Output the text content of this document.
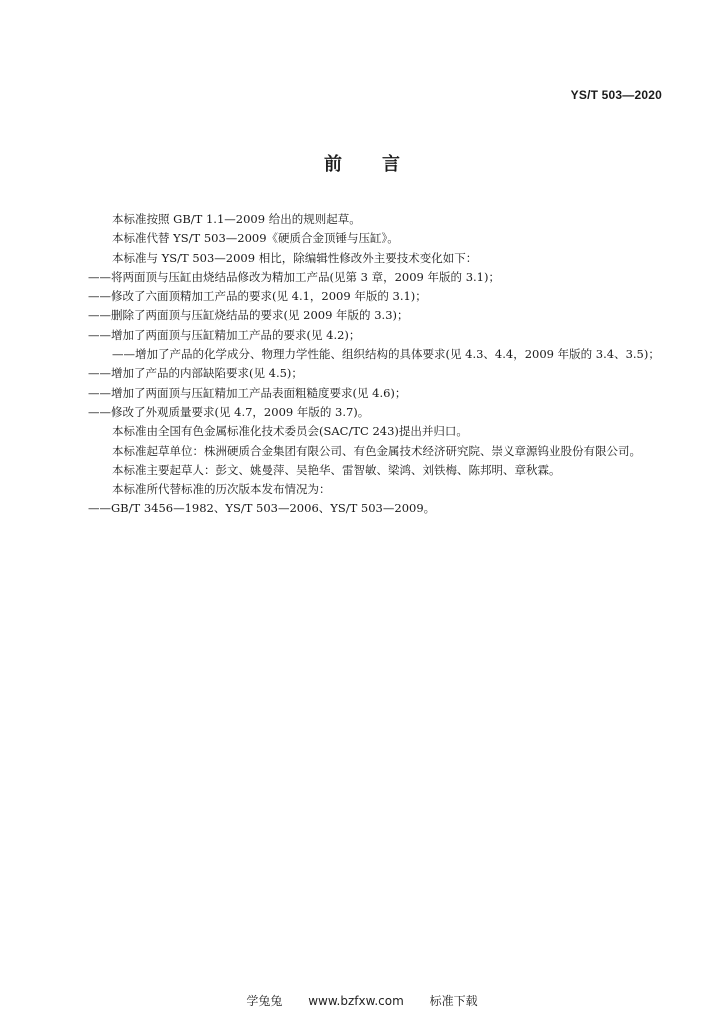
YS/T 503—2020
前言

本标准按照 GB/T 1.1—2009 给出的规则起草。

本标准代替 YS/T 503—2009《硬质合金顶锤与压缸》。

本标准与 YS/T 503—2009 相比，除编辑性修改外主要技术变化如下：

——将两面顶与压缸由烧结品修改为精加工产品(见第 3 章，2009 年版的 3.1)；

——修改了六面顶精加工产品的要求(见 4.1，2009 年版的 3.1)；

——删除了两面顶与压缸烧结品的要求(见 2009 年版的 3.3)；

——增加了两面顶与压缸精加工产品的要求(见 4.2)；

——增加了产品的化学成分、物理力学性能、组织结构的具体要求(见 4.3、4.4，2009 年版的 3.4、3.5)；

——增加了产品的内部缺陷要求(见 4.5)；

——增加了两面顶与压缸精加工产品表面粗糙度要求(见 4.6)；

——修改了外观质量要求(见 4.7，2009 年版的 3.7)。

本标准由全国有色金属标准化技术委员会(SAC/TC 243)提出并归口。

本标准起草单位：株洲硬质合金集团有限公司、有色金属技术经济研究院、崇义章源钨业股份有限公司。

本标准主要起草人：彭文、姚曼萍、吴艳华、雷智敏、梁鸿、刘铁梅、陈邦明、章秋霖。

本标准所代替标准的历次版本发布情况为：

——GB/T 3456—1982、YS/T 503—2006、YS/T 503—2009。

学兔兔 www.bzfxw.com 标准下载
